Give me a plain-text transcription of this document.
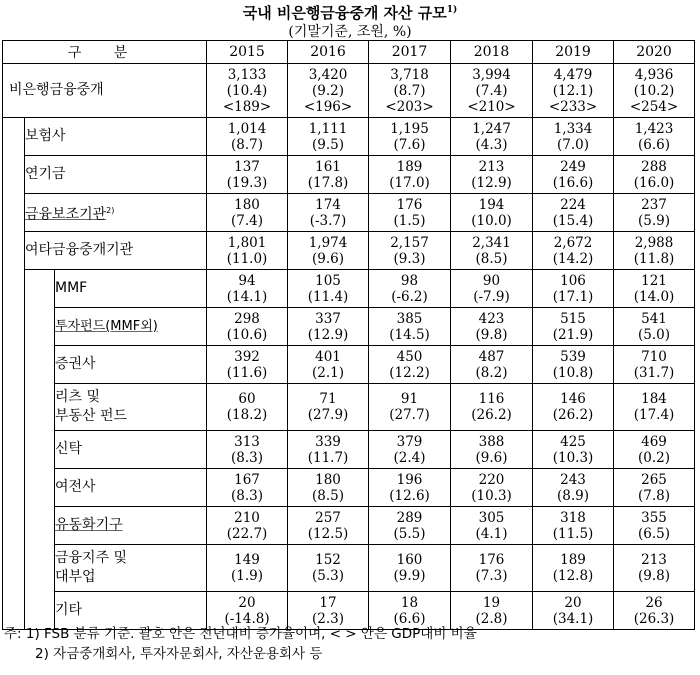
국내 비은행금융중개 자산 규모$^{1)}$
(기말기준, 조원, %)
구 분			2015	2016	2017	2018	2019	2020
비은행금융중개			3,133
(10.4)
<189>	3,420
(9.2)
<196>	3,718
(8.7)
<203>	3,994
(7.4)
<210>	4,479
(12.1)
<233>	4,936
(10.2)
<254>

	보험사		1,014
(8.7)	1,111
(9.5)	1,195
(7.6)	1,247
(4.3)	1,334
(7.0)	1,423
(6.6)

	연기금		137
(19.3)	161
(17.8)	189
(17.0)	213
(12.9)	249
(16.6)	288
(16.0)

	금융보조기관$^{2)}$		180
(7.4)	174
(-3.7)	176
(1.5)	194
(10.0)	224
(15.4)	237
(5.9)

	여타금융중개기관		1,801
(11.0)	1,974
(9.6)	2,157
(9.3)	2,341
(8.5)	2,672
(14.2)	2,988
(11.8)

		MMF	94
(14.1)	105
(11.4)	98
(-6.2)	90
(-7.9)	106
(17.1)	121
(14.0)

		투자펀드(MMF외)	298
(10.6)	337
(12.9)	385
(14.5)	423
(9.8)	515
(21.9)	541
(5.0)

		증권사	392
(11.6)	401
(2.1)	450
(12.2)	487
(8.2)	539
(10.8)	710
(31.7)

		리츠 및
부동산 펀드	60
(18.2)	71
(27.9)	91
(27.7)	116
(26.2)	146
(26.2)	184
(17.4)

		신탁	313
(8.3)	339
(11.7)	379
(2.4)	388
(9.6)	425
(10.3)	469
(0.2)

		여전사	167
(8.3)	180
(8.5)	196
(12.6)	220
(10.3)	243
(8.9)	265
(7.8)

		유동화기구	210
(22.7)	257
(12.5)	289
(5.5)	305
(4.1)	318
(11.5)	355
(6.5)

		금융지주 및
대부업	149
(1.9)	152
(5.3)	160
(9.9)	176
(7.3)	189
(12.8)	213
(9.8)

		기타	20
(-14.8)	17
(2.3)	18
(6.6)	19
(2.8)	20
(34.1)	26
(26.3)
주: 1) FSB 분류 기준. 괄호 안은 전년대비 증가율이며, < > 안은 GDP대비 비율
2) 자금중개회사, 투자자문회사, 자산운용회사 등
